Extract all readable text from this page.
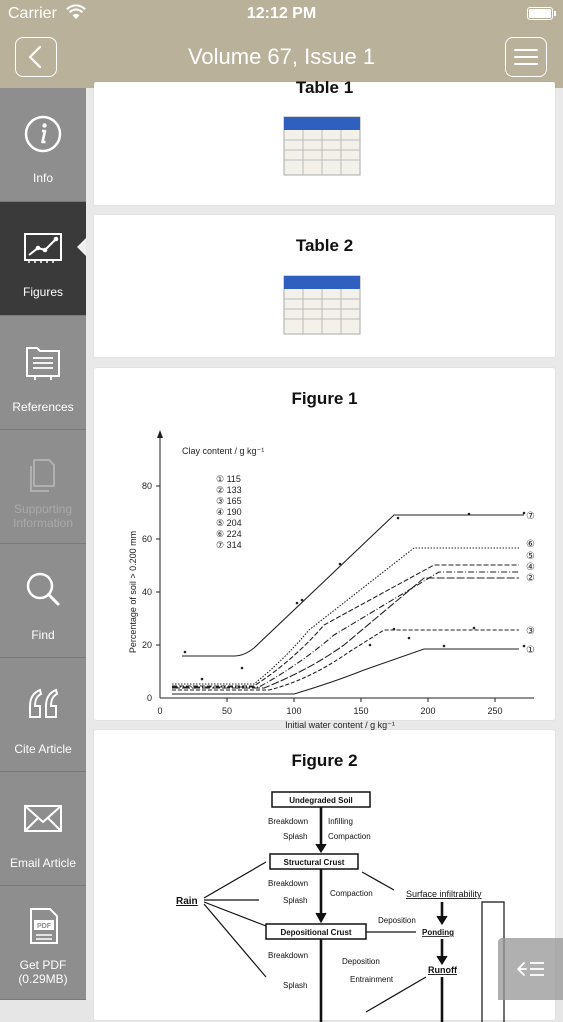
Carrier	12:12 PM
Volume 67, Issue 1
Info
Figures
References
Supporting Information
Find
Cite Article
Email Article
PDF
Get PDF (0.29MB)
Table 1
Table 2
Figure 1
0
20
40
60
80
0	50	100	150	200	250
Initial water content / g kg⁻¹
Percentage of soil > 0.200 mm
Clay content / g kg⁻¹
① 115
② 133
③ 165
④ 190
⑤ 204
⑥ 224
⑦ 314
⑦
⑥
⑤
④
②
③
①
Figure 2
Undegraded Soil
Breakdown Infilling
Splash	Compaction
Structural Crust
Breakdown
Compaction
Rain	Splash
Surface infiltrability
Deposition
Depositional Crust	Ponding
Breakdown
Deposition
Runoff
Entrainment
Splash
